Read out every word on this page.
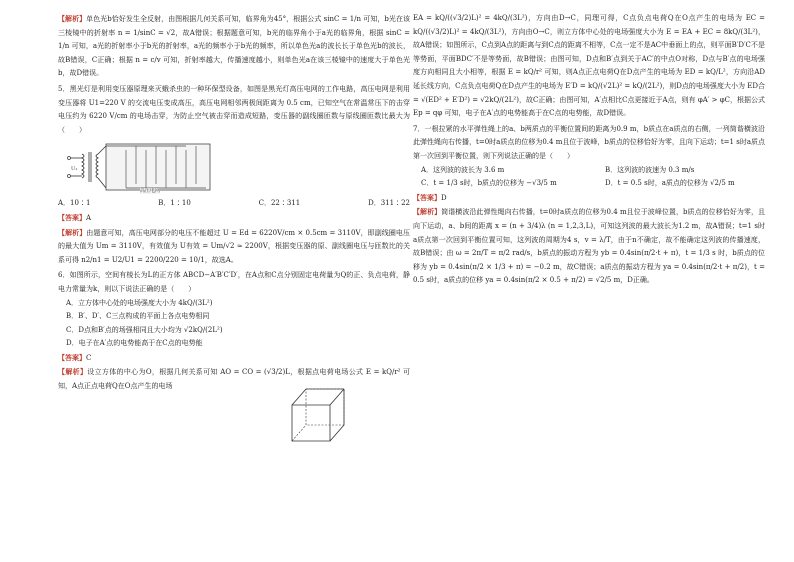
【解析】单色光b恰好发生全反射，由图根据几何关系可知，临界角为45°，根据公式 sinC = 1/n 可知，b光在该三棱镜中的折射率 n = 1/sinC = √2，故A错误；根据题意可知，b光的临界角小于a光的临界角，根据 sinC = 1/n 可知，a光的折射率小于b光的折射率，a光的频率小于b光的频率，所以单色光a的波长长于单色光b的波长，故B错误，C正确；根据 n = c/v 可知，折射率越大，传播速度越小，则单色光a在该三棱镜中的速度大于单色光b，故D错误。

5．黑光灯是利用变压器原理来灭蛾杀虫的一种环保型设备，如图是黑光灯高压电网的工作电路，高压电网是利用变压器将 U1=220 V 的交流电压变成高压，高压电网相邻两极间距离为 0.5 cm，已知空气在常温常压下的击穿电压约为 6220 V/cm 的电场击穿，为防止空气被击穿而造成短路，变压器的副线圈匝数与原线圈匝数比最大为（　　）

U₁
高压电网
A．10∶1	B．1∶10	C．22∶311	D．311∶22

【答案】A

【解析】由题意可知，高压电网部分的电压不能超过 U = Ed = 6220V/cm × 0.5cm = 3110V，即副线圈电压的最大值为 Um = 3110V，有效值为 U有效 = Um/√2 ≈ 2200V，根据变压器的原、副线圈电压与匝数比的关系可得 n2/n1 = U2/U1 = 2200/220 = 10/1，故选A。

6．如图所示，空间有棱长为L的正方体 ABCD−A′B′C′D′，在A点和C点分别固定电荷量为Q的正、负点电荷，静电力常量为k，则以下说法正确的是（　　）

A．立方体中心处的电场强度大小为 4kQ/(3L²)

B．B′、D′、C三点构成的平面上各点电势相同

C．D点和B′点的场强相同且大小均为 √2kQ/(2L²)

D．电子在A′点的电势能高于在C点的电势能

【答案】C

【解析】设立方体的中心为O，根据几何关系可知 AO = CO = (√3/2)L，根据点电荷电场公式 E = kQ/r² 可知，A点正点电荷Q在O点产生的电场

EA = kQ/((√3/2)L)² = 4kQ/(3L²)，方向由D→C，同理可得，C点负点电荷Q在O点产生的电场为 EC = kQ/((√3/2)L)² = 4kQ/(3L²)，方向由O→C，则立方体中心处的电场强度大小为 E = EA + EC = 8kQ/(3L²)，故A错误；如图所示，C点到A点的距离与到C点的距离不相等，C点一定不是AC中垂面上的点，则平面B′D′C不是等势面，平面BDC′不是等势面，故B错误；由图可知，D点和B′点到关于AC′的中点O对称，D点与B′点的电场强度方向相同且大小相等，根据 E = kQ/r² 可知，则A点正点电荷Q在D点产生的电场为 ED = kQ/L²，方向沿AD延长线方向，C点负点电荷Q在D点产生的电场为 E′D = kQ/(√2L)² = kQ/(2L²)，则D点的电场强度大小为 ED合 = √(ED² + E′D²) = √2kQ/(2L²)，故C正确；由图可知，A′点相比C点更接近于A点，则有 φA′ > φC，根据公式 Ep = qφ 可知，电子在A′点的电势能高于在C点的电势能，故D错误。

7．一根拉紧的水平弹性绳上的a、b两质点的平衡位置间的距离为0.9 m，b质点在a质点的右侧，一列简谐横波沿此弹性绳向右传播，t=0时a质点的位移为0.4 m且位于波峰，b质点的位移恰好为零，且向下运动；t=1 s时a质点第一次回到平衡位置，则下列说法正确的是（　　）

A．这列波的波长为 3.6 m	B．这列波的波速为 0.3 m/s
C．t = 1/3 s时，b质点的位移为 −√3/5 m	D．t = 0.5 s时，a质点的位移为 √2/5 m

【答案】D

【解析】简谐横波沿此弹性绳向右传播，t=0时a质点的位移为0.4 m且位于波峰位置，b质点的位移恰好为零，且向下运动，a、b间的距离 x = (n + 3/4)λ (n = 1,2,3,L)，可知这列波的最大波长为1.2 m，故A错误；t=1 s时a质点第一次回到平衡位置可知，这列波的周期为4 s，v = λ/T，由于n不确定，故不能确定这列波的传播速度，故B错误；由 ω = 2π/T = π/2 rad/s，b质点的振动方程为 yb = 0.4sin(π/2·t + π)，t = 1/3 s 时，b质点的位移为 yb = 0.4sin(π/2 × 1/3 + π) = −0.2 m，故C错误；a质点的振动方程为 ya = 0.4sin(π/2·t + π/2)，t = 0.5 s时，a质点的位移 ya = 0.4sin(π/2 × 0.5 + π/2) = √2/5 m，D正确。
